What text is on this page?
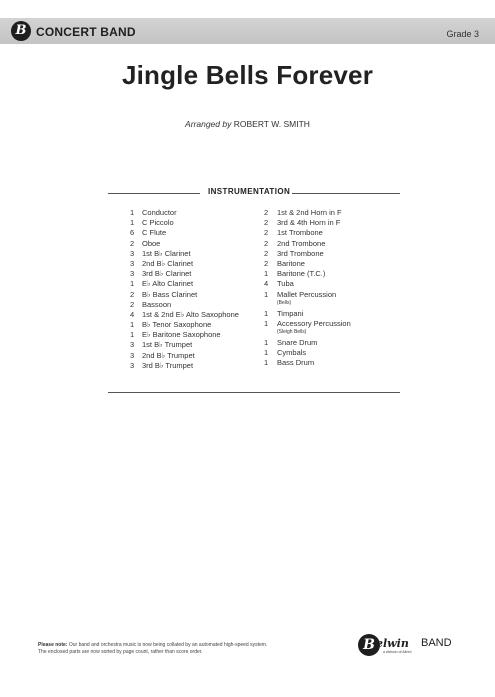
B CONCERT BAND	Grade 3
Jingle Bells Forever
Arranged by ROBERT W. SMITH
INSTRUMENTATION
1	Conductor
1	C Piccolo
6	C Flute
2	Oboe
3	1st B♭ Clarinet
3	2nd B♭ Clarinet
3	3rd B♭ Clarinet
1	E♭ Alto Clarinet
2	B♭ Bass Clarinet
2	Bassoon
4	1st & 2nd E♭ Alto Saxophone
1	B♭ Tenor Saxophone
1	E♭ Baritone Saxophone
3	1st B♭ Trumpet
3	2nd B♭ Trumpet
3	3rd B♭ Trumpet
2	1st & 2nd Horn in F
2	3rd & 4th Horn in F
2	1st Trombone
2	2nd Trombone
2	3rd Trombone
2	Baritone
1	Baritone (T.C.)
4	Tuba
1	Mallet Percussion
(Bells)
1	Timpani
1	Accessory Percussion
(Sleigh Bells)
1	Snare Drum
1	Cymbals
1	Bass Drum
Please note: Our band and orchestra music is now being collated by an automated high-speed system.
The enclosed parts are now sorted by page count, rather than score order.	B elwin BAND
a division of Alfred
